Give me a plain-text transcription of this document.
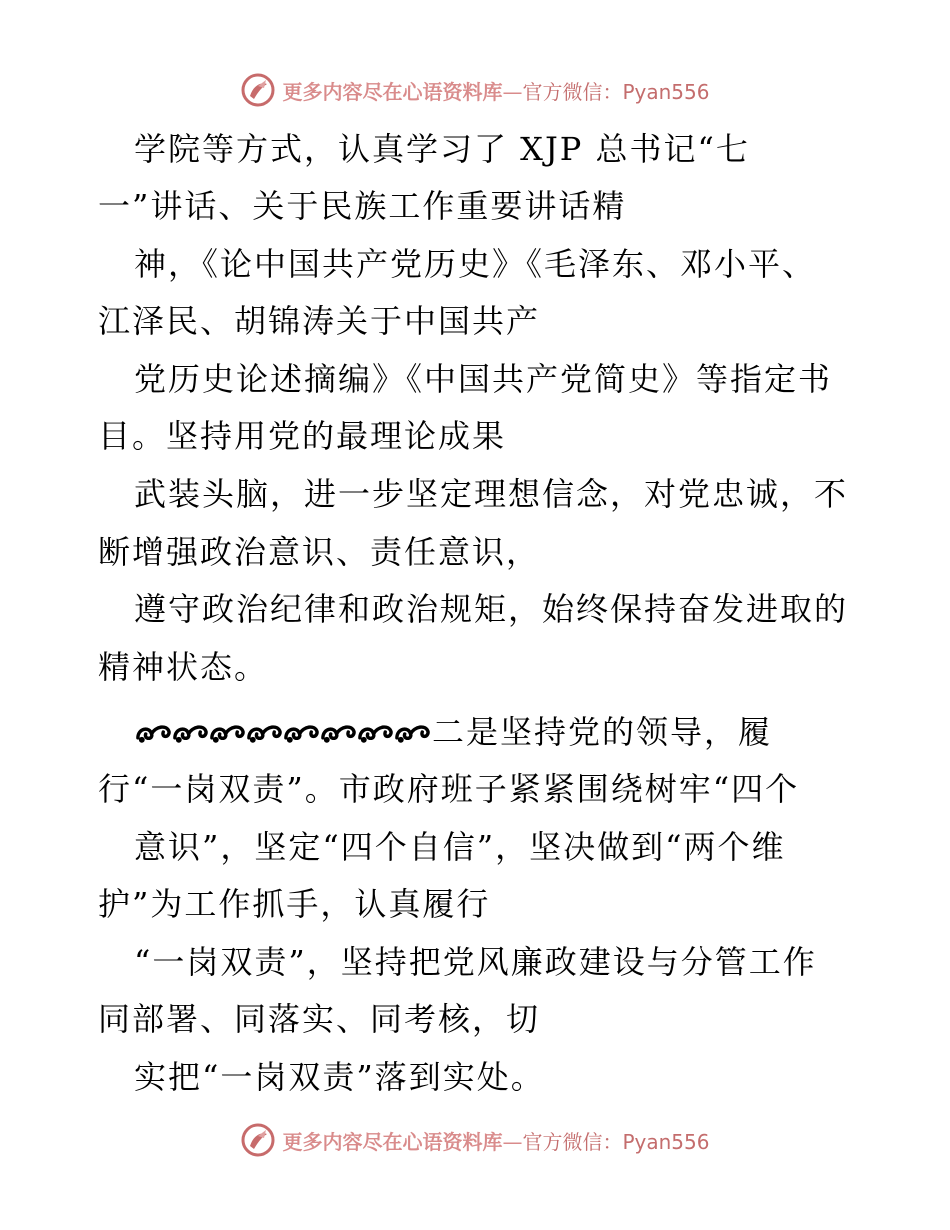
更多内容尽在心语资料库—官方微信：Pyan556
学院等方式，认真学习了 XJP 总书记“七
一”讲话、关于民族工作重要讲话精
神，《论中国共产党历史》《毛泽东、邓小平、
江泽民、胡锦涛关于中国共产
党历史论述摘编》《中国共产党简史》等指定书
目。坚持用党的最理论成果
武装头脑，进一步坚定理想信念，对党忠诚，不
断增强政治意识、责任意识，
遵守政治纪律和政治规矩，始终保持奋发进取的
精神状态。
二是坚持党的领导，履
行“一岗双责”。市政府班子紧紧围绕树牢“四个
意识”，坚定“四个自信”，坚决做到“两个维
护”为工作抓手，认真履行
“一岗双责”，坚持把党风廉政建设与分管工作
同部署、同落实、同考核，切
实把“一岗双责”落到实处。
更多内容尽在心语资料库—官方微信：Pyan556
